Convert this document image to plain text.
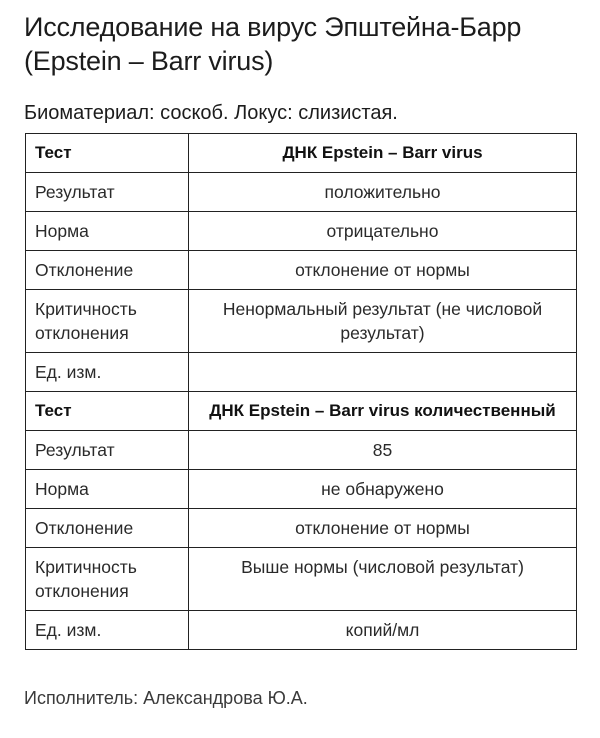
Исследование на вирус Эпштейна-Барр (Epstein – Barr virus)
Биоматериал: соскоб. Локус: слизистая.
Тест	ДНК Epstein – Barr virus
Результат	положительно
Норма	отрицательно
Отклонение	отклонение от нормы
Критичность отклонения	Ненормальный результат (не числовой результат)
Ед. изм.	
Тест	ДНК Epstein – Barr virus количественный
Результат	85
Норма	не обнаружено
Отклонение	отклонение от нормы
Критичность отклонения	Выше нормы (числовой результат)
Ед. изм.	копий/мл
Исполнитель: Александрова Ю.А.
